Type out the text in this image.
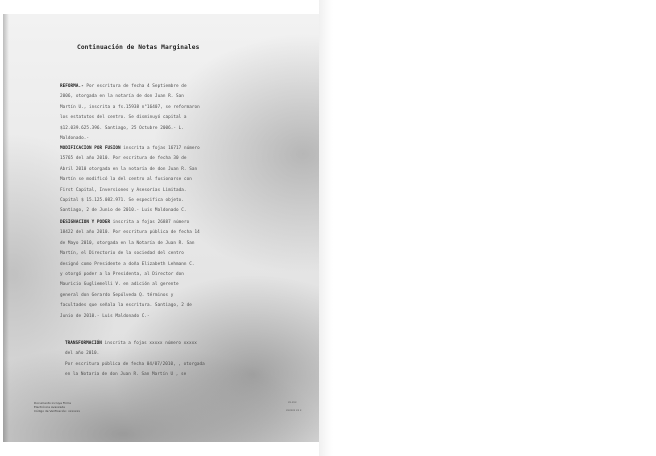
Continuación de Notas Marginales
REFORMA.- Por escritura de fecha 4 Septiembre de
2006, otorgada en la notaría de don Juan R. San
Martín U., inscrita a fs.15938 n°16407, se reformaron
los estatutos del centro. Se disminuyó capital a
$12.039.625.396. Santiago, 25 Octubre 2006.- L.
Maldonado.-
MODIFICACION POR FUSION inscrita a fojas 16717 número
15765 del año 2010. Por escritura de fecha 30 de
Abril 2010 otorgada en la notaría de don Juan R. San
Martín se modificó la del centro al fusionarse con
First Capital, Inversiones y Asesorías Limitada.
Capital $ 15.125.082.971. Se especifica objeto.
Santiago, 2 de Junio de 2010.- Luis Maldonado C.
DESIGNACION Y PODER inscrita a fojas 26887 número
18422 del año 2010. Por escritura pública de fecha 14
de Mayo 2010, otorgada en la Notaría de Juan R. San
Martín, el Directorio de la sociedad del centro
designó como Presidente a doña Elizabeth Lehmann C.
y otorgó poder a la Presidenta, al Director don
Mauricio Gugliemelli V. en adición al gerente
general don Gerardo Sepúlveda Q. términos y
facultades que señala la escritura. Santiago, 2 de
Junio de 2010.- Luis Maldonado C.-
TRANSFORMACIÓN inscrita a fojas xxxxx número xxxxx
del año 2010.
Por escritura pública de fecha 04/07/2010, , otorgada
en la Notaría de don Juan R. San Martín U , se
Documento incluye Firma
Electrónica Avanzada
Código de Verificación: xxxxxxx
xx.xxx
xxxxxx xx x
